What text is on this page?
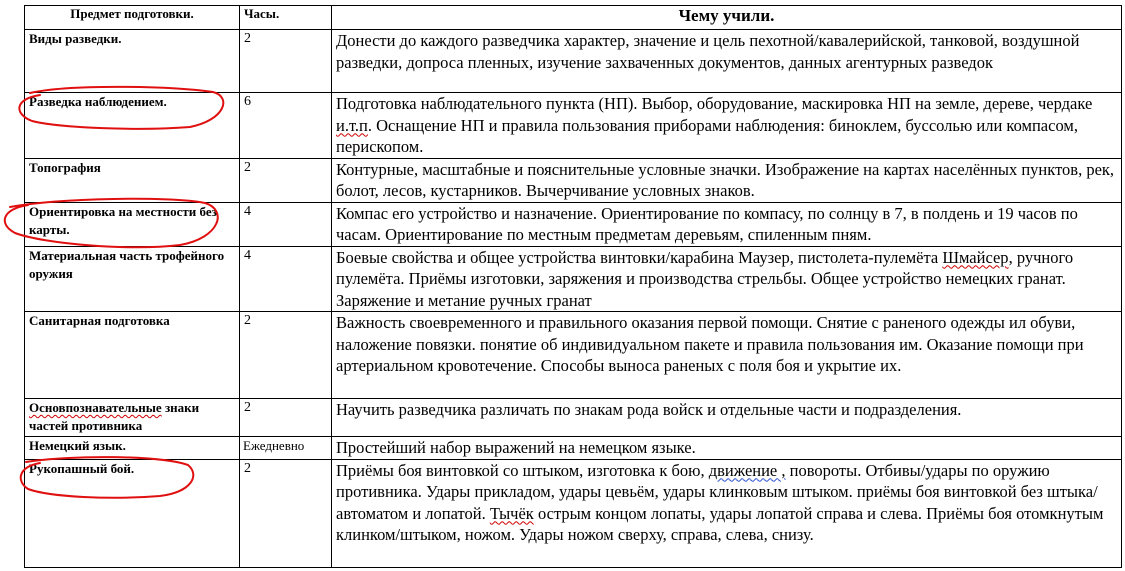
Предмет подготовки.	Часы.	Чему учили.
Виды разведки.	2	Донести до каждого разведчика характер, значение и цель пехотной/кавалерийской, танковой, воздушной разведки, допроса пленных, изучение захваченных документов, данных агентурных разведок
Разведка наблюдением.	6	Подготовка наблюдательного пункта (НП). Выбор, оборудование, маскировка НП на земле, дереве, чердаке и.т.п. Оснащение НП и правила пользования приборами наблюдения: биноклем, буссолью или компасом, перископом.
Топография	2	Контурные, масштабные и пояснительные условные значки. Изображение на картах населённых пунктов, рек, болот, лесов, кустарников. Вычерчивание условных знаков.
Ориентировка на местности без карты.	4	Компас его устройство и назначение. Ориентирование по компасу, по солнцу в 7, в полдень и 19 часов по часам. Ориентирование по местным предметам деревьям, спиленным пням.
Материальная часть трофейного оружия	4	Боевые свойства и общее устройства винтовки/карабина Маузер, пистолета-пулемёта Шмайсер, ручного пулемёта. Приёмы изготовки, заряжения и производства стрельбы. Общее устройство немецких гранат. Заряжение и метание ручных гранат
Санитарная подготовка	2	Важность своевременного и правильного оказания первой помощи. Снятие с раненого одежды ил обуви, наложение повязки. понятие об индивидуальном пакете и правила пользования им. Оказание помощи при артериальном кровотечение. Способы выноса раненых с поля боя и укрытие их.
Основпознавательные знаки частей противника	2	Научить разведчика различать по знакам рода войск и отдельные части и подразделения.
Немецкий язык.	Ежедневно	Простейший набор выражений на немецком языке.
Рукопашный бой.	2	Приёмы боя винтовкой со штыком, изготовка к бою, движение , повороты. Отбивы/удары по оружию противника. Удары прикладом, удары цевьём, удары клинковым штыком. приёмы боя винтовкой без штыка/автоматом и лопатой. Тычёк острым концом лопаты, удары лопатой справа и слева. Приёмы боя отомкнутым клинком/штыком, ножом. Удары ножом сверху, справа, слева, снизу.
